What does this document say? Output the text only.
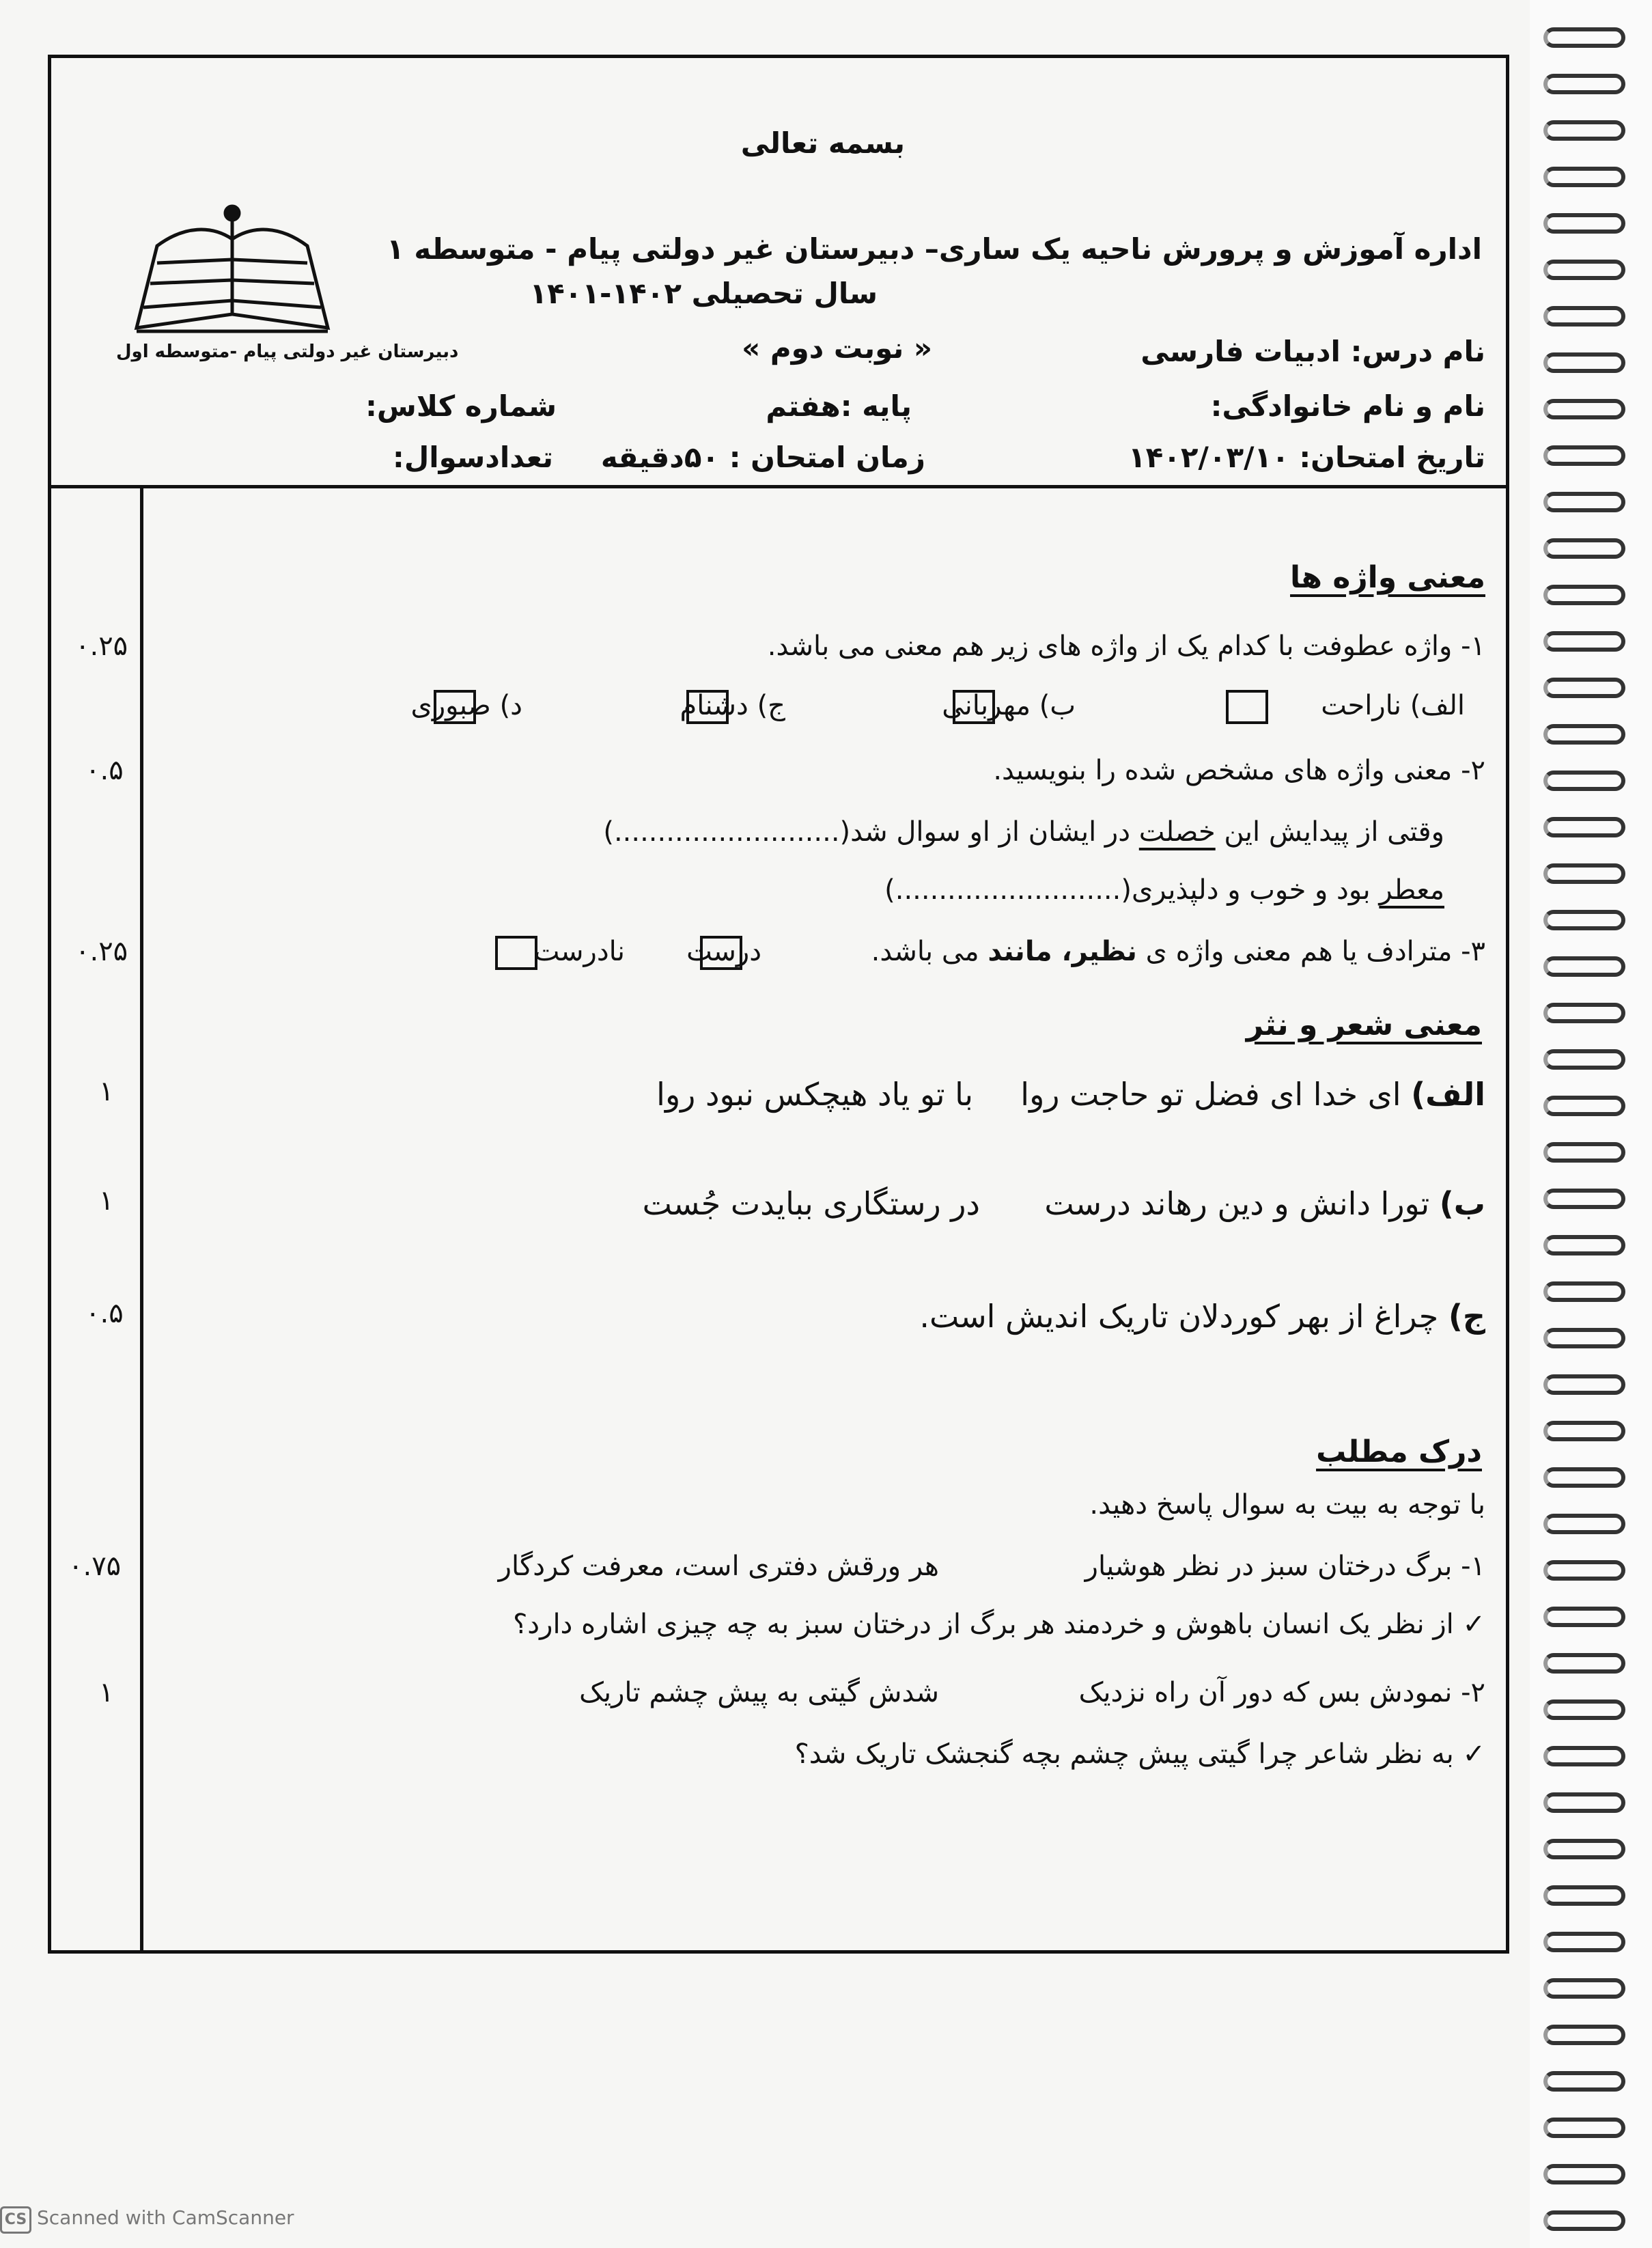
دبیرستان غیر دولتی پیام -متوسطه اول
بسمه تعالی
اداره آموزش و پرورش ناحیه یک ساری– دبیرستان غیر دولتی پیام - متوسطه ۱
سال تحصیلی ۱۴۰۲-۱۴۰۱
نام درس: ادبیات فارسی
« نوبت دوم »
نام و نام خانوادگی:
پایه :هفتم
شماره کلاس:
تاریخ امتحان: ۱۴۰۲/۰۳/۱۰
زمان امتحان : ۵۰دقیقه
تعدادسوال:
معنی واژه ها
۱- واژه عطوفت با کدام یک از واژه های زیر هم معنی می باشد.
۰.۲۵
الف) ناراحت
ب) مهربانی
ج) دشنام
د) صبوری
۲- معنی واژه های مشخص شده را بنویسید.
۰.۵
وقتی از پیدایش این خصلت در ایشان از او سوال شد(..........................)
معطر بود و خوب و دلپذیری(..........................)
۳- مترادف یا هم معنی واژه ی نظیر، مانند می باشد.
درست
نادرست
۰.۲۵
معنی شعر و نثر
الف) ای خدا ای فضل تو حاجت روا
با تو یاد هیچکس نبود روا
۱
ب) تورا دانش و دین رهاند درست
در رستگاری ببایدت جُست
۱
ج) چراغ از بهر کوردلان تاریک اندیش است.
۰.۵
درک مطلب
با توجه به بیت به سوال پاسخ دهید.
۱- برگ درختان سبز در نظر هوشیار
هر ورقش دفتری است، معرفت کردگار
۰.۷۵
✓ از نظر یک انسان باهوش و خردمند هر برگ از درختان سبز به چه چیزی اشاره دارد؟
۲- نمودش بس که دور آن راه نزدیک
شدش گیتی به پیش چشم تاریک
۱
✓ به نظر شاعر چرا گیتی پیش چشم بچه گنجشک تاریک شد؟
CS Scanned with CamScanner
